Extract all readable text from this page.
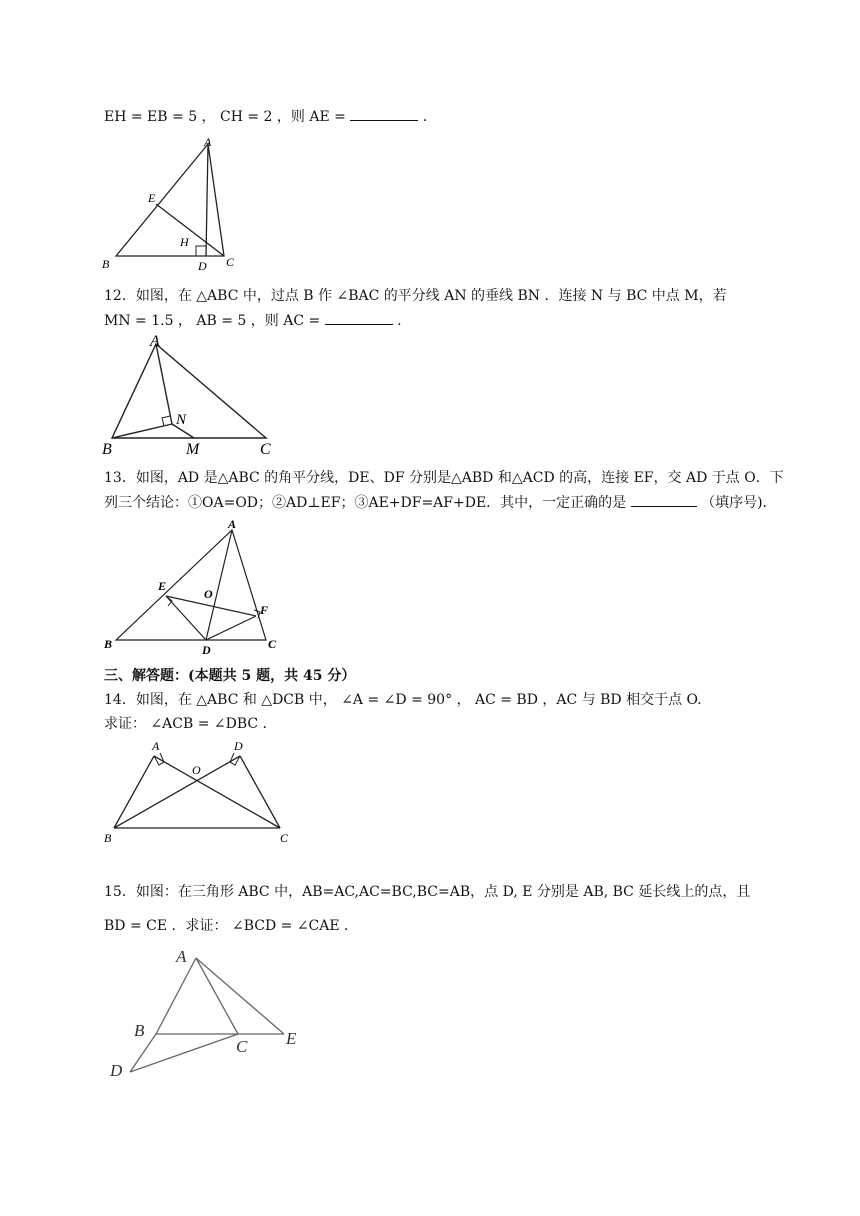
EH = EB = 5 ， CH = 2 ，则 AE =	．
A
E
H
B	D C
12．如图，在 △ABC 中，过点 B 作 ∠BAC 的平分线 AN 的垂线 BN ．连接 N 与 BC 中点 M，若
MN = 1.5 ， AB = 5 ，则 AC =	.
A
N
B	M	C
13．如图，AD 是△ABC 的角平分线，DE、DF 分别是△ABD 和△ACD 的高，连接 EF，交 AD 于点 O．下
列三个结论：①OA=OD；②AD⊥EF；③AE+DF=AF+DE．其中，一定正确的是	（填序号)．
A
E
O
F
B	D	C
三、解答题：(本题共 5 题，共 45 分）
14．如图，在 △ABC 和 △DCB 中， ∠A = ∠D = 90° ， AC = BD ，AC 与 BD 相交于点 O.
求证： ∠ACB = ∠DBC ．
A
O
D
B	C
15．如图：在三角形 ABC 中，AB=AC,AC=BC,BC=AB，点 D, E 分别是 AB, BC 延长线上的点，且
BD = CE ．求证： ∠BCD = ∠CAE ．
A
B
C E
D
